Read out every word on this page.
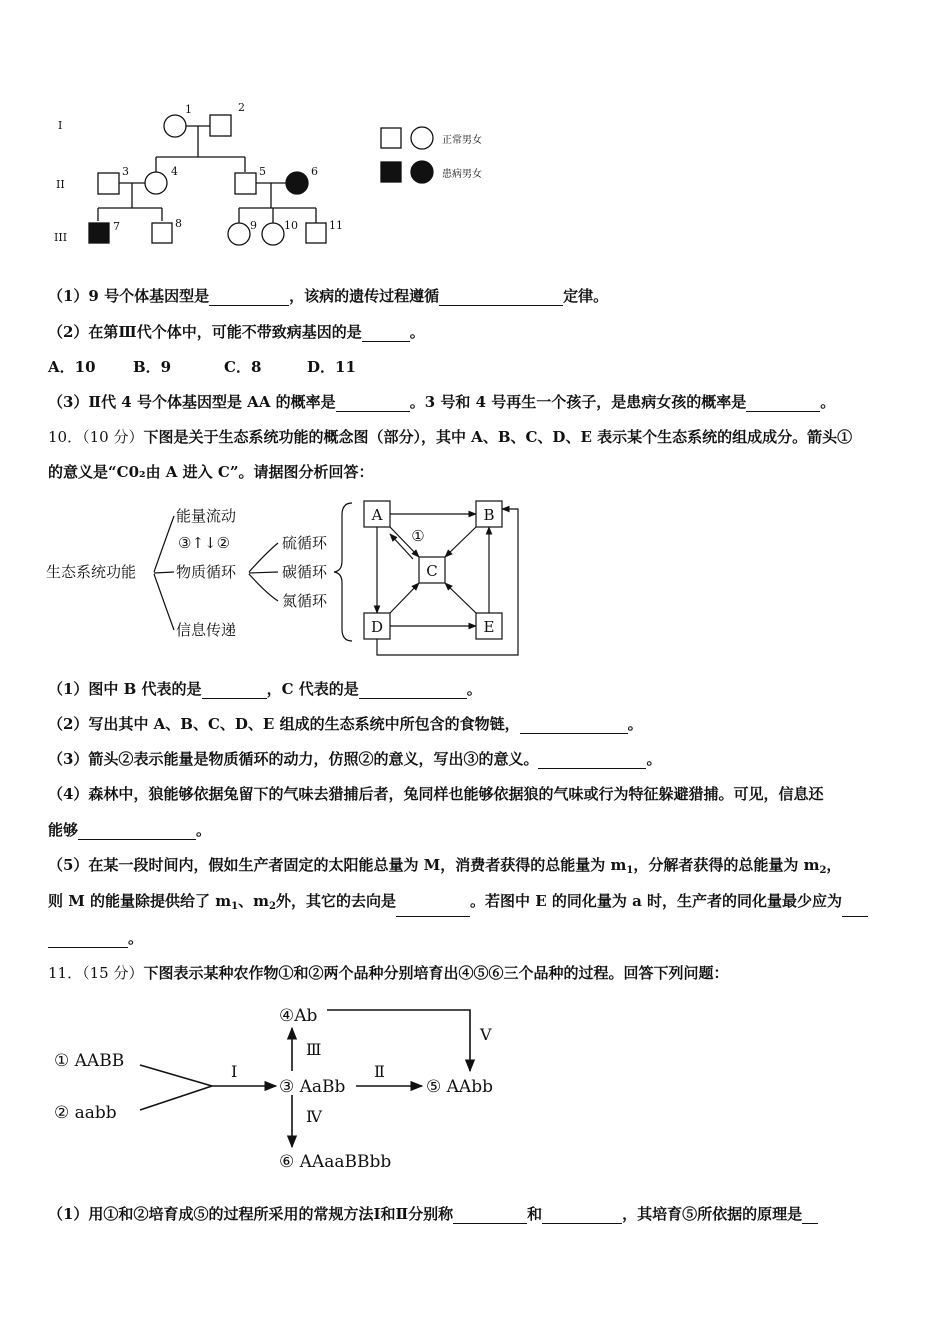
I
II
III
1	2
3	4	5	6
7	8	9 10	11
正常男女
患病男女
（1）9 号个体基因型是	，该病的遗传过程遵循	定律。
（2）在第Ⅲ代个体中，可能不带致病基因的是	。
A．10 B．9	C．8	D．11
（3）Ⅱ代 4 号个体基因型是 AA 的概率是	。3 号和 4 号再生一个孩子，是患病女孩的概率是	。
10．（10 分）下图是关于生态系统功能的概念图（部分），其中 A、B、C、D、E 表示某个生态系统的组成成分。箭头①
的意义是“C0₂由 A 进入 C”。请据图分析回答：
生态系统功能
能量流动
③↑↓②
物质循环
信息传递
硫循环
碳循环
氮循环
A	B
C
D	E
①
（1）图中 B 代表的是	，C 代表的是	。
（2）写出其中 A、B、C、D、E 组成的生态系统中所包含的食物链，	。
（3）箭头②表示能量是物质循环的动力，仿照②的意义，写出③的意义。	。
（4）森林中，狼能够依据兔留下的气味去猎捕后者，兔同样也能够依据狼的气味或行为特征躲避猎捕。可见，信息还
能够	。
（5）在某一段时间内，假如生产者固定的太阳能总量为 M，消费者获得的总能量为 $m_1$，分解者获得的总能量为 $m_2$，
则 M 的能量除提供给了 $m_1$、$m_2$外，其它的去向是	。若图中 E 的同化量为 a 时，生产者的同化量最少应为
。
11．（15 分）下图表示某种农作物①和②两个品种分别培育出④⑤⑥三个品种的过程。回答下列问题：
① AABB
② aabb
③ AaBb
④Ab
⑤ AAbb
⑥ AAaaBBbb
Ⅰ	Ⅱ
Ⅲ
Ⅳ
Ⅴ
（1）用①和②培育成⑤的过程所采用的常规方法Ⅰ和Ⅱ分别称	和	，其培育⑤所依据的原理是
